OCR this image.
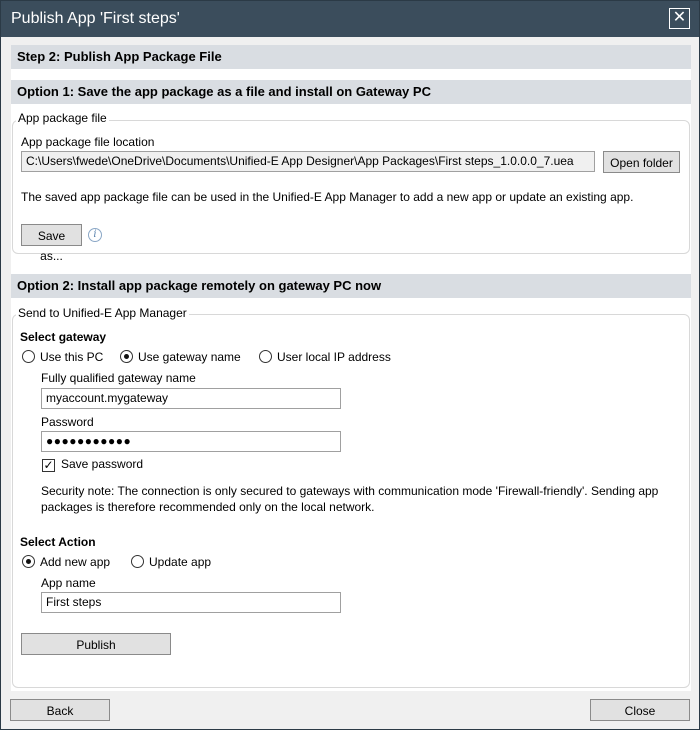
Publish App 'First steps'	✕
Step 2: Publish App Package File
Option 1: Save the app package as a file and install on Gateway PC
App package file
App package file location
C:\Users\fwede\OneDrive\Documents\Unified-E App Designer\App Packages\First steps_1.0.0.0_7.uea	Open folder
The saved app package file can be used in the Unified-E App Manager to add a new app or update an existing app.
Save as...
i
Option 2: Install app package remotely on gateway PC now
Send to Unified-E App Manager
Select gateway
Use this PC	Use gateway name	User local IP address
Fully qualified gateway name
myaccount.mygateway
Password
●●●●●●●●●●●
✓ Save password
Security note: The connection is only secured to gateways with communication mode 'Firewall-friendly'. Sending app
packages is therefore recommended only on the local network.
Select Action
Add new app	Update app
App name
First steps
Publish
Back	Close
